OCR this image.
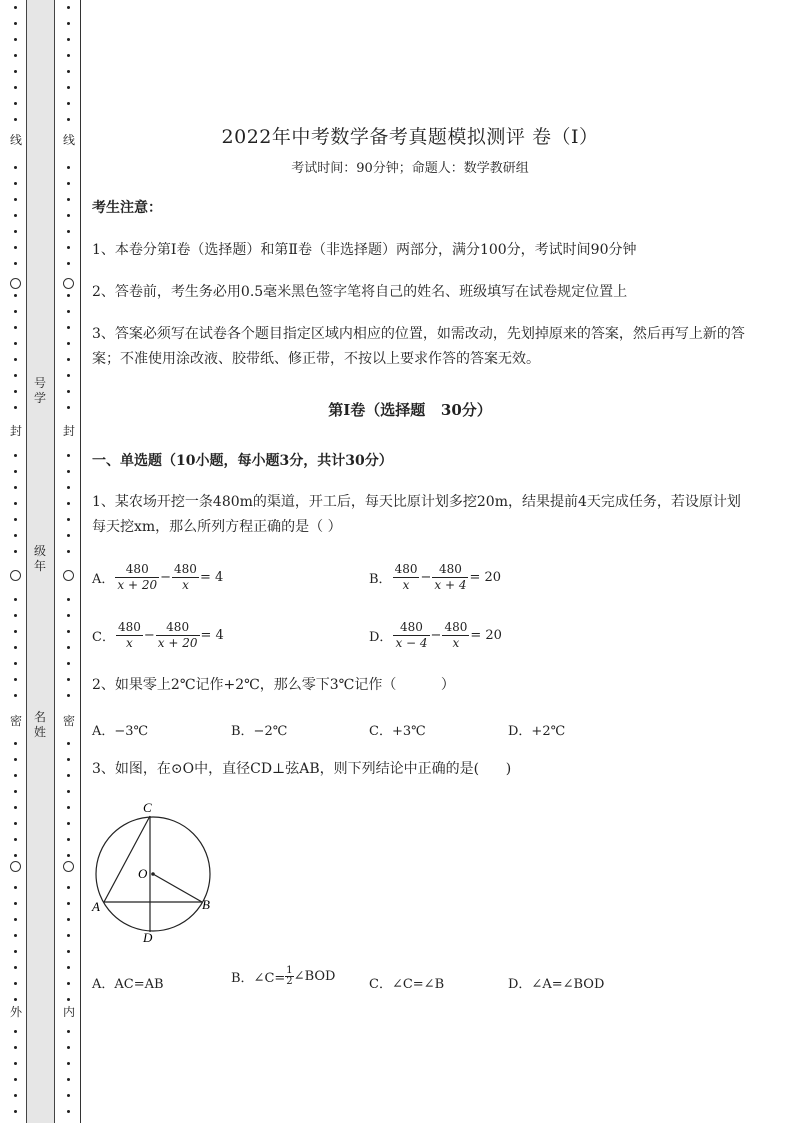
线
封
密
外
线
封
密
内
号学
级年
名姓
2022年中考数学备考真题模拟测评 卷（Ⅰ）
考试时间：90分钟；命题人：数学教研组
考生注意：
1、本卷分第Ⅰ卷（选择题）和第Ⅱ卷（非选择题）两部分，满分100分，考试时间90分钟
2、答卷前，考生务必用0.5毫米黑色签字笔将自己的姓名、班级填写在试卷规定位置上
3、答案必须写在试卷各个题目指定区域内相应的位置，如需改动，先划掉原来的答案，然后再写上新的答案；不准使用涂改液、胶带纸、修正带，不按以上要求作答的答案无效。
第Ⅰ卷（选择题   30分）
一、单选题（10小题，每小题3分，共计30分）
1、某农场开挖一条480m的渠道，开工后，每天比原计划多挖20m，结果提前4天完成任务，若设原计划每天挖xm，那么所列方程正确的是（ ）
A． $\frac{480}{x + 20} - \frac{480}{x} = 4$	B． $\frac{480}{x} - \frac{480}{x + 4} = 20$
C． $\frac{480}{x} - \frac{480}{x + 20} = 4$	D． $\frac{480}{x - 4} - \frac{480}{x} = 20$
2、如果零上2℃记作+2℃，那么零下3℃记作（          ）
A．−3℃	B．−2℃	C．+3℃	D．+2℃
3、如图，在⊙O中，直径CD⊥弦AB，则下列结论中正确的是(      )
C
O
A	B
D
A．AC=AB	B．∠C= $\frac{1}{2}$ ∠BOD
C．∠C=∠B	D．∠A=∠BOD
